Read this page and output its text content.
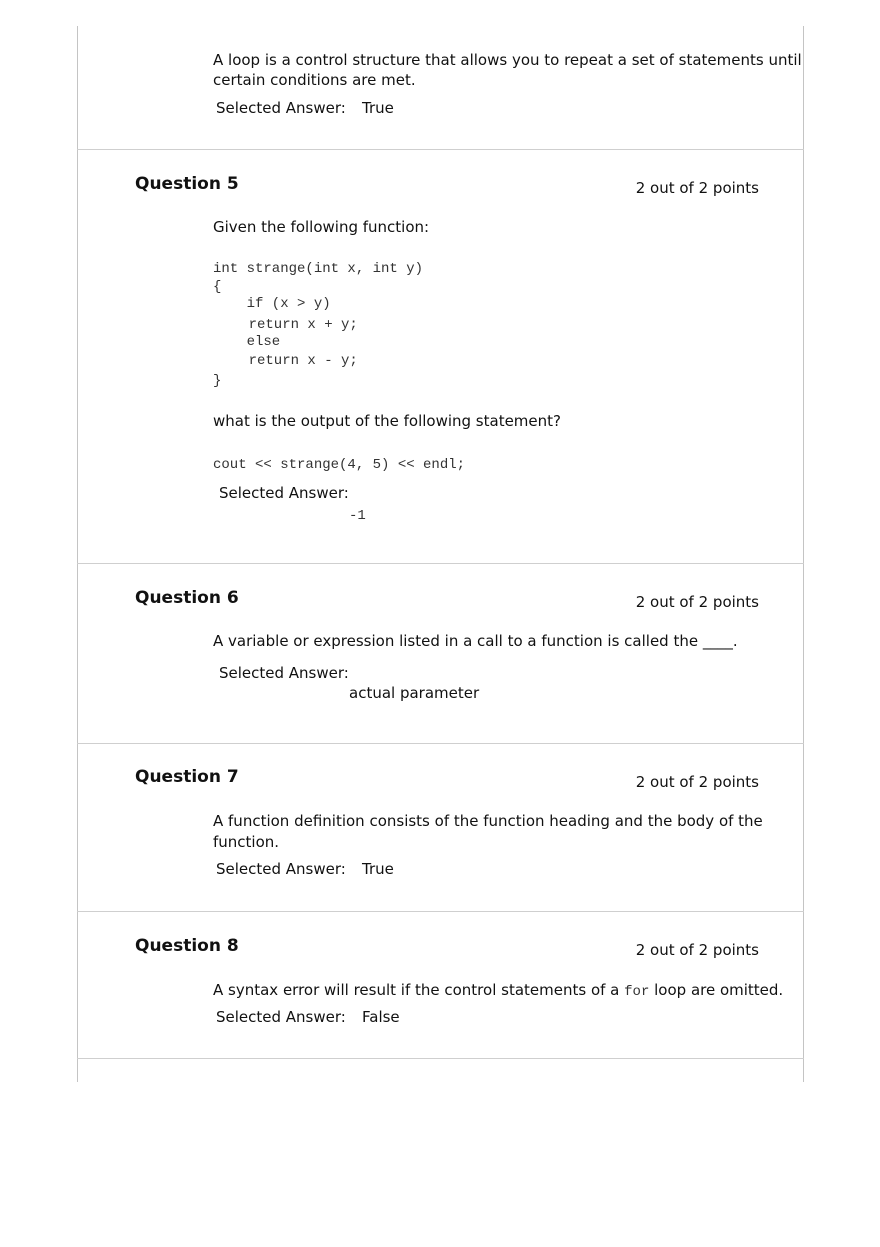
A loop is a control structure that allows you to repeat a set of statements until
certain conditions are met.
Selected Answer: True
Question 5	2 out of 2 points
Given the following function:
int strange(int x, int y)
{
if (x > y)
return x + y;
else
return x - y;
}
what is the output of the following statement?
cout << strange(4, 5) << endl;
Selected Answer:
-1
Question 6	2 out of 2 points
A variable or expression listed in a call to a function is called the ____.
Selected Answer:
actual parameter
Question 7	2 out of 2 points
A function definition consists of the function heading and the body of the
function.
Selected Answer: True
Question 8	2 out of 2 points
A syntax error will result if the control statements of a for loop are omitted.
Selected Answer: False
